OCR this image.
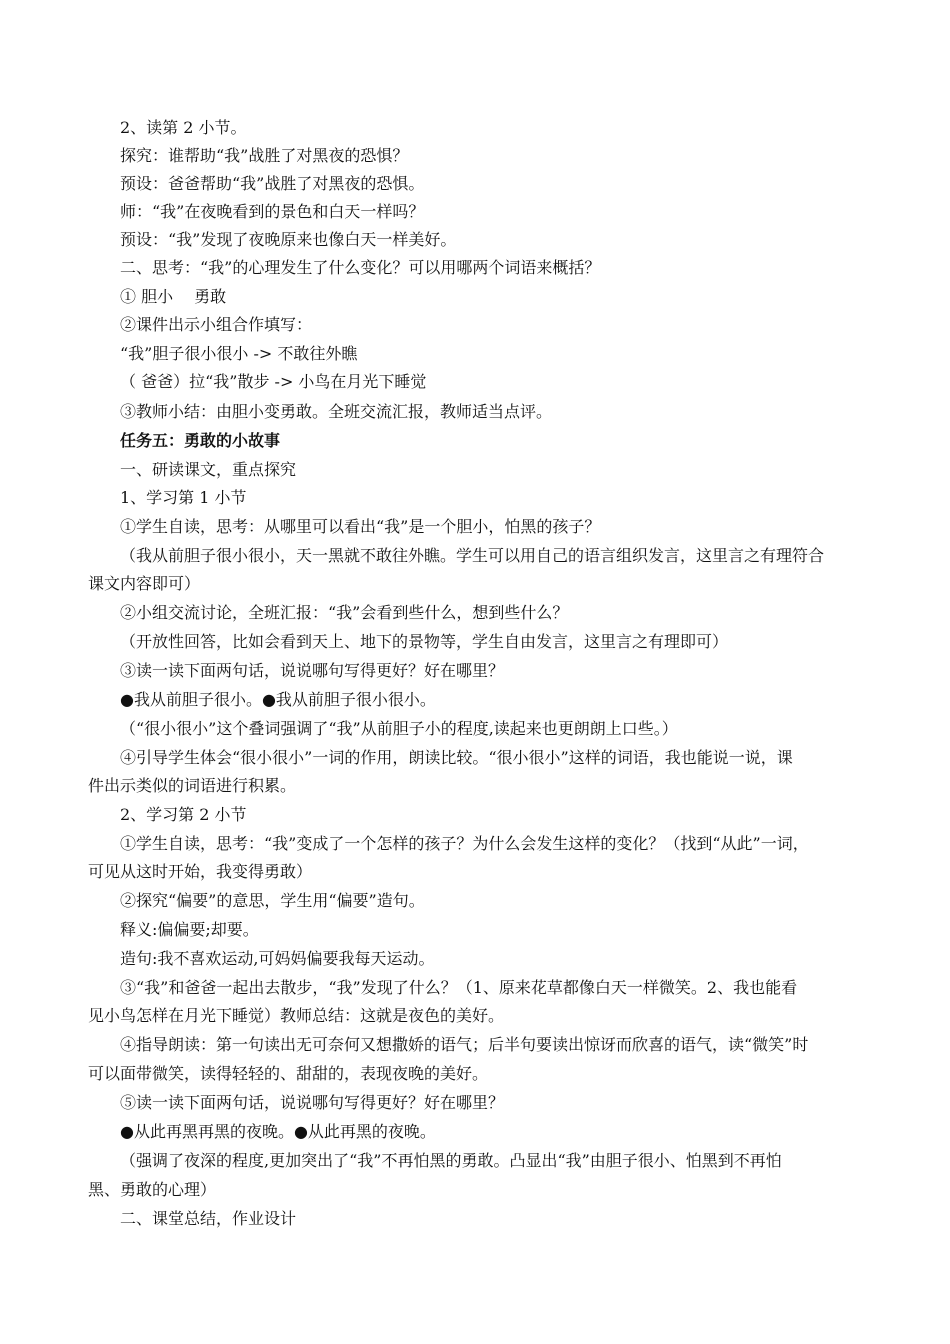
2、读第 2 小节。
探究：谁帮助“我”战胜了对黑夜的恐惧？
预设：爸爸帮助“我”战胜了对黑夜的恐惧。
师：“我”在夜晚看到的景色和白天一样吗？
预设：“我”发现了夜晚原来也像白天一样美好。
二、思考：“我”的心理发生了什么变化？可以用哪两个词语来概括？
① 胆小　 勇敢
②课件出示小组合作填写：
“我”胆子很小很小 -> 不敢往外瞧
（ 爸爸）拉“我”散步 -> 小鸟在月光下睡觉
③教师小结：由胆小变勇敢。全班交流汇报，教师适当点评。
任务五：勇敢的小故事
一、研读课文，重点探究
1、学习第 1 小节
①学生自读，思考：从哪里可以看出“我”是一个胆小，怕黑的孩子？
（我从前胆子很小很小，天一黑就不敢往外瞧。学生可以用自己的语言组织发言，这里言之有理符合
课文内容即可）
②小组交流讨论，全班汇报：“我”会看到些什么，想到些什么？
（开放性回答，比如会看到天上、地下的景物等，学生自由发言，这里言之有理即可）
③读一读下面两句话，说说哪句写得更好？好在哪里？
●我从前胆子很小。●我从前胆子很小很小。
（“很小很小”这个叠词强调了“我”从前胆子小的程度,读起来也更朗朗上口些。）
④引导学生体会“很小很小”一词的作用，朗读比较。“很小很小”这样的词语，我也能说一说，课
件出示类似的词语进行积累。
2、学习第 2 小节
①学生自读，思考：“我”变成了一个怎样的孩子？为什么会发生这样的变化？（找到“从此”一词，
可见从这时开始，我变得勇敢）
②探究“偏要”的意思，学生用“偏要”造句。
释义:偏偏要;却要。
造句:我不喜欢运动,可妈妈偏要我每天运动。
③“我”和爸爸一起出去散步，“我”发现了什么？（1、原来花草都像白天一样微笑。2、我也能看
见小鸟怎样在月光下睡觉）教师总结：这就是夜色的美好。
④指导朗读：第一句读出无可奈何又想撒娇的语气；后半句要读出惊讶而欣喜的语气，读“微笑”时
可以面带微笑，读得轻轻的、甜甜的，表现夜晚的美好。
⑤读一读下面两句话，说说哪句写得更好？好在哪里？
●从此再黑再黑的夜晚。●从此再黑的夜晚。
（强调了夜深的程度,更加突出了“我”不再怕黑的勇敢。凸显出“我”由胆子很小、怕黑到不再怕
黑、勇敢的心理）
二、课堂总结，作业设计
